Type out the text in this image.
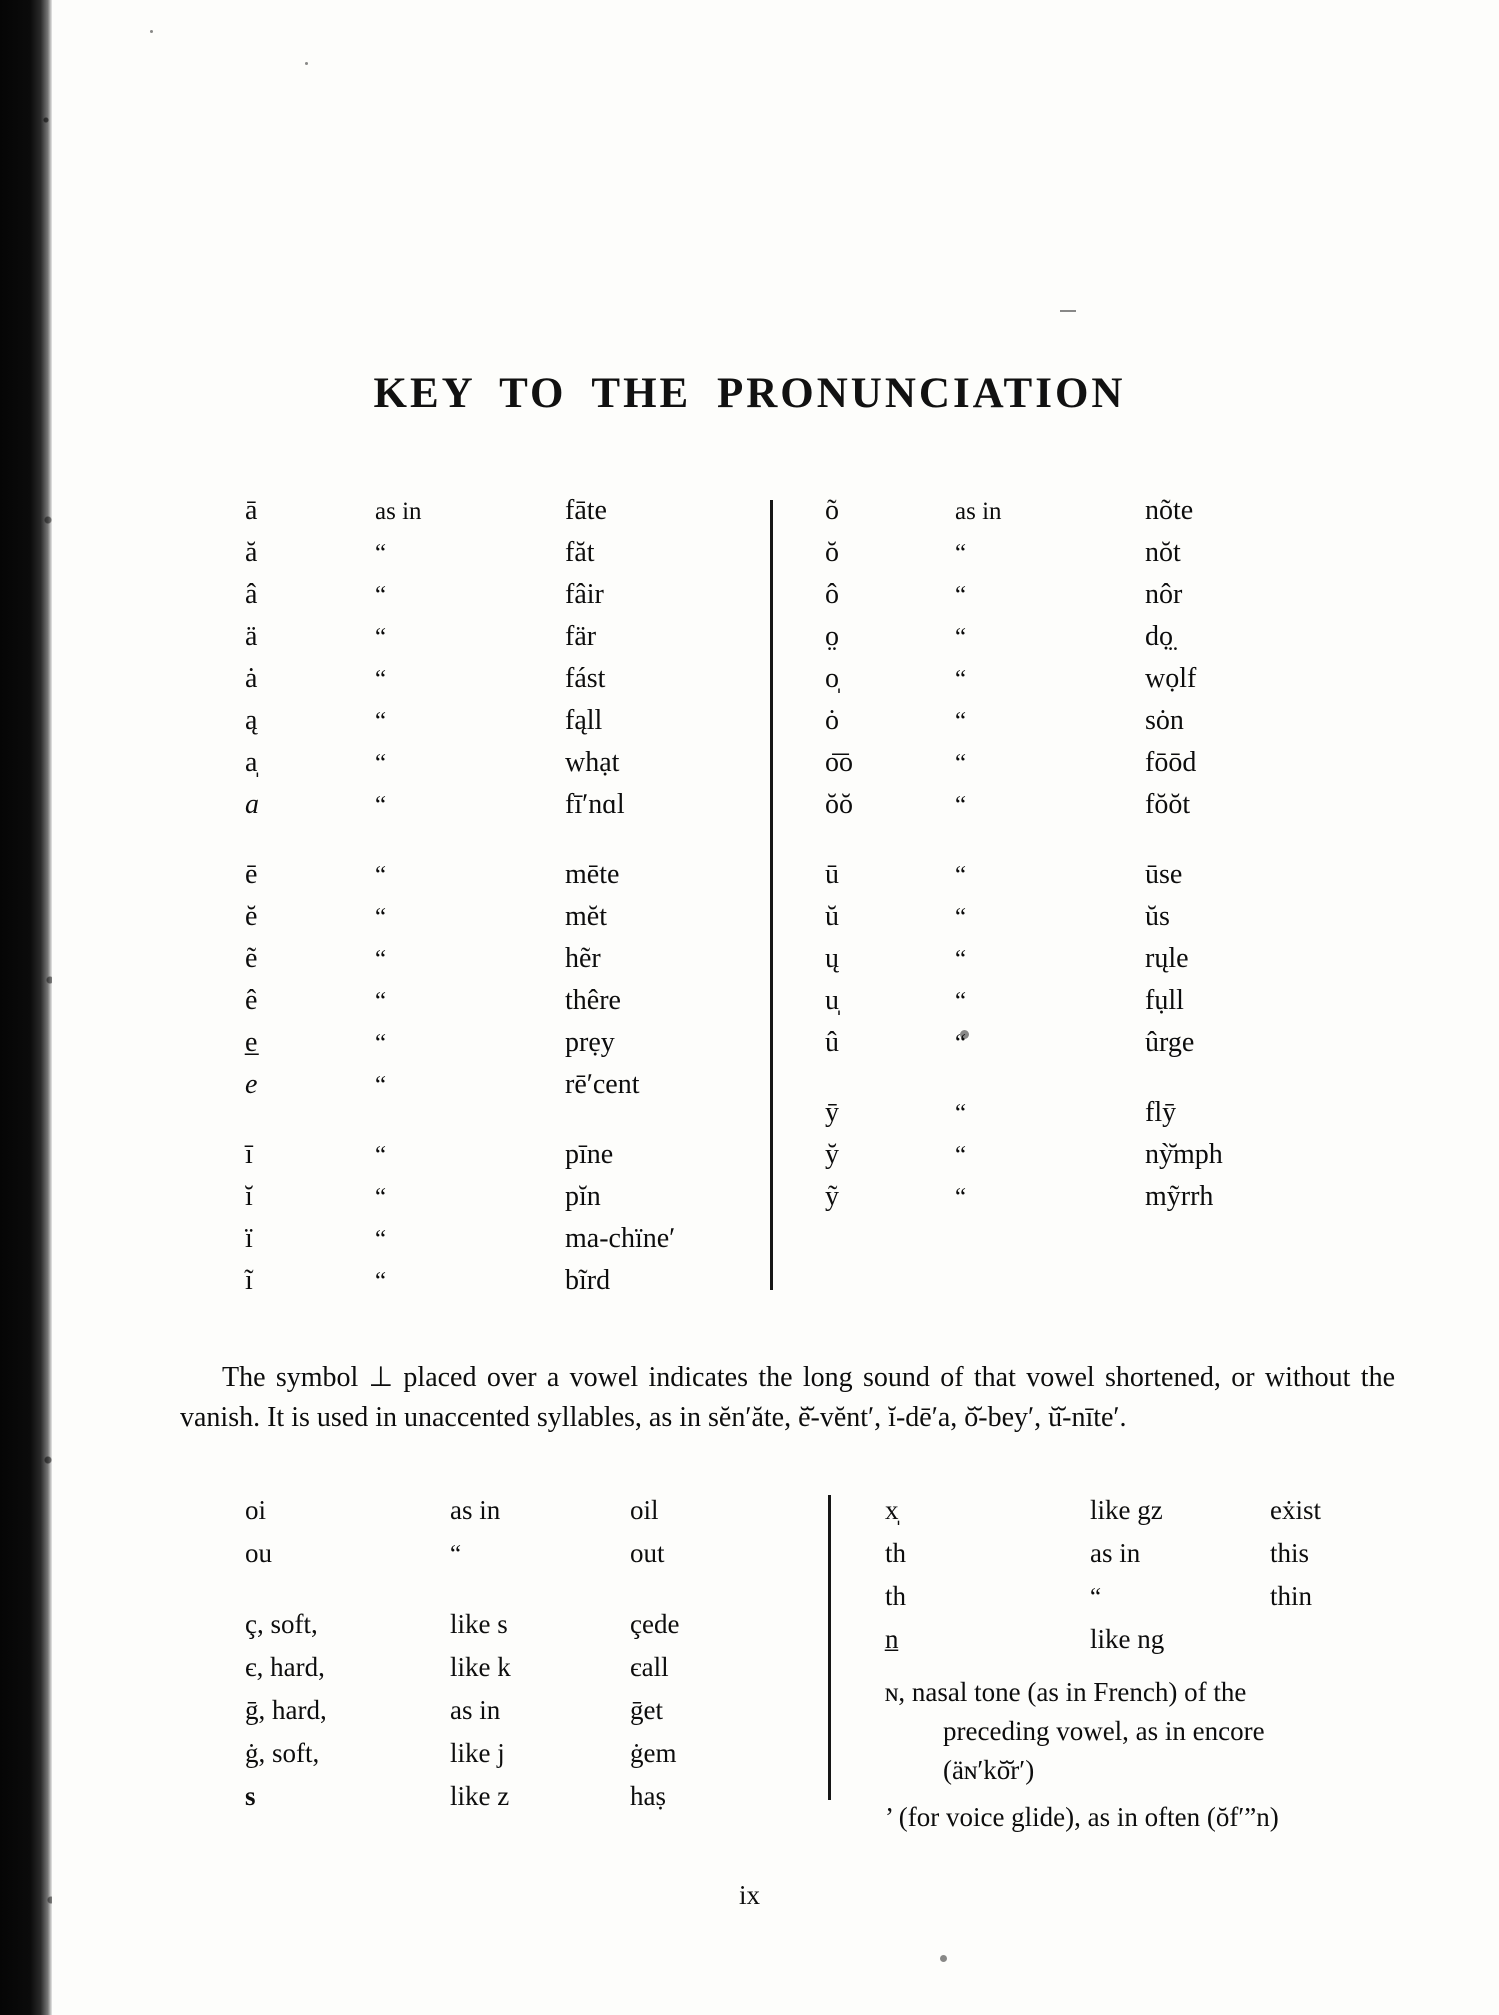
KEY TO THE PRONUNCIATION
ā	as in	fāte
ă	“	făt
â	“	fâir
ä	“	fär
ȧ	“	fást
ą	“	fąll
a̩	“	whạt
a	“	fīʹnɑl
ē	“	mēte
ĕ	“	mĕt
ẽ	“	hẽr
ê	“	thêre
e̲	“	prẹy
e	“	rēʹcent
ī	“	pīne
ĭ	“	pĭn
ï	“	ma-chïneʹ
ĩ	“	bĩrd
õ	as in	nõte
ŏ	“	nŏt
ô	“	nôr
o̤	“	dọ̤
o̩	“	wọlf
ȯ	“	sȯn
o͞o	“	fōōd
ŏŏ	“	fŏŏt
ū	“	ūse
ŭ	“	ŭs
ų	“	rųle
u̩	“	fụll
û	“	ûrge
ȳ	“	flȳ
y̆	“	nỳ̆mph
ỹ	“	mỹrrh

The symbol ⊥ placed over a vowel indicates the long sound of that vowel shortened, or without the vanish. It is used in unaccented syllables, as in sĕnʹăte, ĕ̆-vĕntʹ, ĭ-dēʹa, ŏ̆-beyʹ, ŭ̆-nīteʹ.

oi	as in	oil
ou	“	out
ç, soft,	like s	çede
є, hard,	like k	єall
ḡ, hard,	as in	ḡet
ġ, soft,	like j	ġem
s	like z	haṣ
x̩	like gz	eẋist
th	as in	this
th	“	thin
n̲	like ng
ɴ, nasal tone (as in French) of the
preceding vowel, as in encore
(äɴʹkŏ̆rʹ)
’ (for voice glide), as in often (ŏfʹ”n)
ix
